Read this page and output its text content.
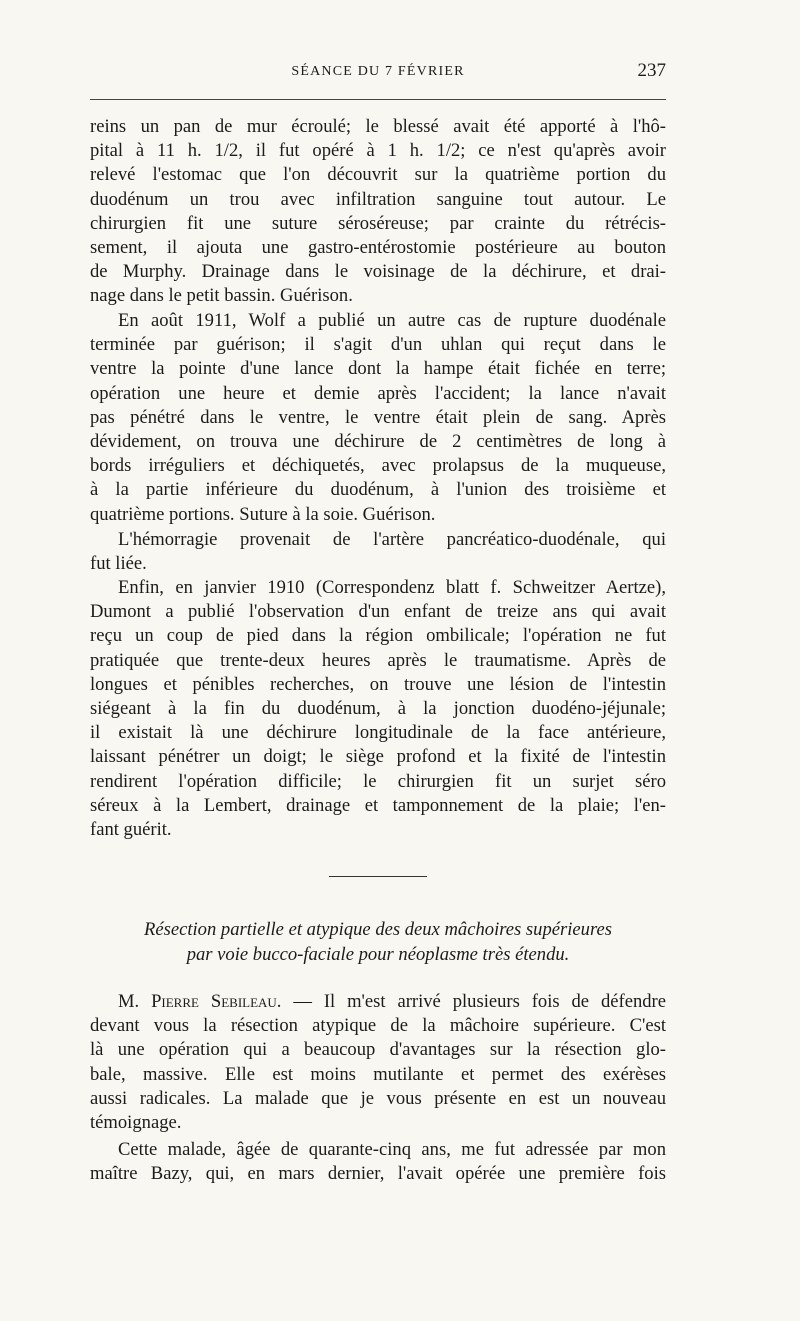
SÉANCE DU 7 FÉVRIER	237

reins un pan de mur écroulé; le blessé avait été apporté à l'hô-
pital à 11 h. 1/2, il fut opéré à 1 h. 1/2; ce n'est qu'après avoir
relevé l'estomac que l'on découvrit sur la quatrième portion du
duodénum un trou avec infiltration sanguine tout autour. Le
chirurgien fit une suture séroséreuse; par crainte du rétrécis-
sement, il ajouta une gastro-entérostomie postérieure au bouton
de Murphy. Drainage dans le voisinage de la déchirure, et drai-
nage dans le petit bassin. Guérison.

En août 1911, Wolf a publié un autre cas de rupture duodénale
terminée par guérison; il s'agit d'un uhlan qui reçut dans le
ventre la pointe d'une lance dont la hampe était fichée en terre;
opération une heure et demie après l'accident; la lance n'avait
pas pénétré dans le ventre, le ventre était plein de sang. Après
dévidement, on trouva une déchirure de 2 centimètres de long à
bords irréguliers et déchiquetés, avec prolapsus de la muqueuse,
à la partie inférieure du duodénum, à l'union des troisième et
quatrième portions. Suture à la soie. Guérison.

L'hémorragie provenait de l'artère pancréatico-duodénale, qui
fut liée.

Enfin, en janvier 1910 (Correspondenz blatt f. Schweitzer Aertze),
Dumont a publié l'observation d'un enfant de treize ans qui avait
reçu un coup de pied dans la région ombilicale; l'opération ne fut
pratiquée que trente-deux heures après le traumatisme. Après de
longues et pénibles recherches, on trouve une lésion de l'intestin
siégeant à la fin du duodénum, à la jonction duodéno-jéjunale;
il existait là une déchirure longitudinale de la face antérieure,
laissant pénétrer un doigt; le siège profond et la fixité de l'intestin
rendirent l'opération difficile; le chirurgien fit un surjet séro
séreux à la Lembert, drainage et tamponnement de la plaie; l'en-
fant guérit.

Résection partielle et atypique des deux mâchoires supérieures
par voie bucco-faciale pour néoplasme très étendu.

M. Pierre Sebileau. — Il m'est arrivé plusieurs fois de défendre
devant vous la résection atypique de la mâchoire supérieure. C'est
là une opération qui a beaucoup d'avantages sur la résection glo-
bale, massive. Elle est moins mutilante et permet des exérèses
aussi radicales. La malade que je vous présente en est un nouveau
témoignage.

Cette malade, âgée de quarante-cinq ans, me fut adressée par mon
maître Bazy, qui, en mars dernier, l'avait opérée une première fois
